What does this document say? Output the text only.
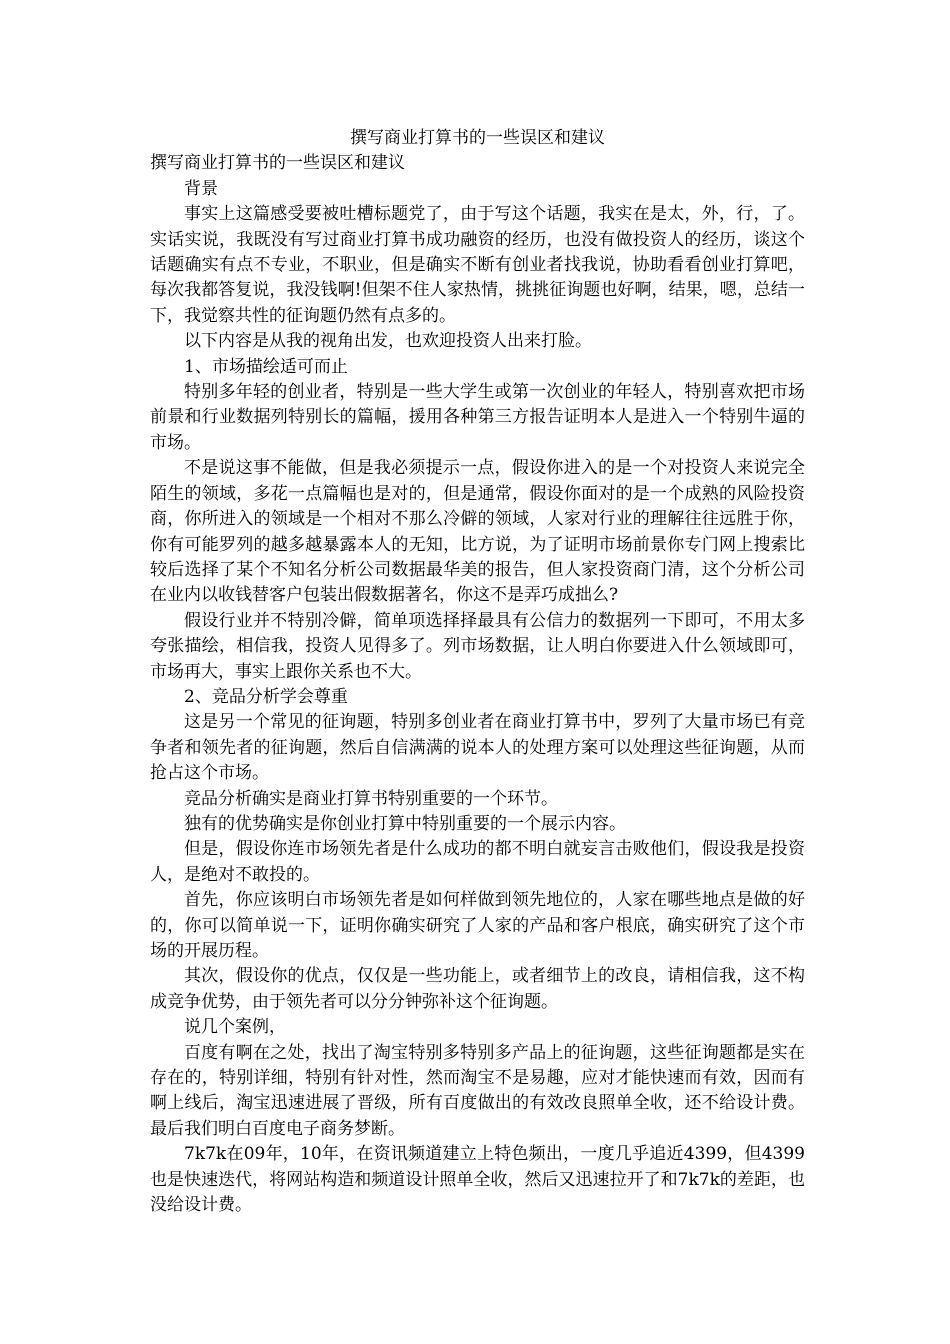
撰写商业打算书的一些误区和建议
撰写商业打算书的一些误区和建议

背景

事实上这篇感受要被吐槽标题党了，由于写这个话题，我实在是太，外，行，了。 实话实说，我既没有写过商业打算书成功融资的经历，也没有做投资人的经历，谈这个话题确实有点不专业，不职业，但是确实不断有创业者找我说，协助看看创业打算吧，每次我都答复说，我没钱啊!但架不住人家热情，挑挑征询题也好啊，结果，嗯，总结一下，我觉察共性的征询题仍然有点多的。

以下内容是从我的视角出发，也欢迎投资人出来打脸。

1、市场描绘适可而止

特别多年轻的创业者，特别是一些大学生或第一次创业的年轻人，特别喜欢把市场前景和行业数据列特别长的篇幅，援用各种第三方报告证明本人是进入一个特别牛逼的市场。

不是说这事不能做，但是我必须提示一点，假设你进入的是一个对投资人来说完全陌生的领域，多花一点篇幅也是对的，但是通常，假设你面对的是一个成熟的风险投资商，你所进入的领域是一个相对不那么冷僻的领域，人家对行业的理解往往远胜于你，你有可能罗列的越多越暴露本人的无知，比方说，为了证明市场前景你专门网上搜索比较后选择了某个不知名分析公司数据最华美的报告，但人家投资商门清，这个分析公司在业内以收钱替客户包装出假数据著名，你这不是弄巧成拙么?

假设行业并不特别冷僻，简单项选择择最具有公信力的数据列一下即可，不用太多夸张描绘，相信我，投资人见得多了。列市场数据，让人明白你要进入什么领域即可，市场再大，事实上跟你关系也不大。

2、竞品分析学会尊重

这是另一个常见的征询题，特别多创业者在商业打算书中，罗列了大量市场已有竞争者和领先者的征询题，然后自信满满的说本人的处理方案可以处理这些征询题，从而抢占这个市场。

竞品分析确实是商业打算书特别重要的一个环节。

独有的优势确实是你创业打算中特别重要的一个展示内容。

但是，假设你连市场领先者是什么成功的都不明白就妄言击败他们，假设我是投资人，是绝对不敢投的。

首先，你应该明白市场领先者是如何样做到领先地位的，人家在哪些地点是做的好的，你可以简单说一下，证明你确实研究了人家的产品和客户根底，确实研究了这个市场的开展历程。

其次，假设你的优点，仅仅是一些功能上，或者细节上的改良，请相信我，这不构成竞争优势，由于领先者可以分分钟弥补这个征询题。

说几个案例，

百度有啊在之处，找出了淘宝特别多特别多产品上的征询题，这些征询题都是实在存在的，特别详细，特别有针对性，然而淘宝不是易趣，应对才能快速而有效，因而有啊上线后，淘宝迅速进展了晋级，所有百度做出的有效改良照单全收，还不给设计费。最后我们明白百度电子商务梦断。

7k7k在09年，10年，在资讯频道建立上特色频出，一度几乎追近4399，但4399也是快速迭代，将网站构造和频道设计照单全收，然后又迅速拉开了和7k7k的差距，也没给设计费。
